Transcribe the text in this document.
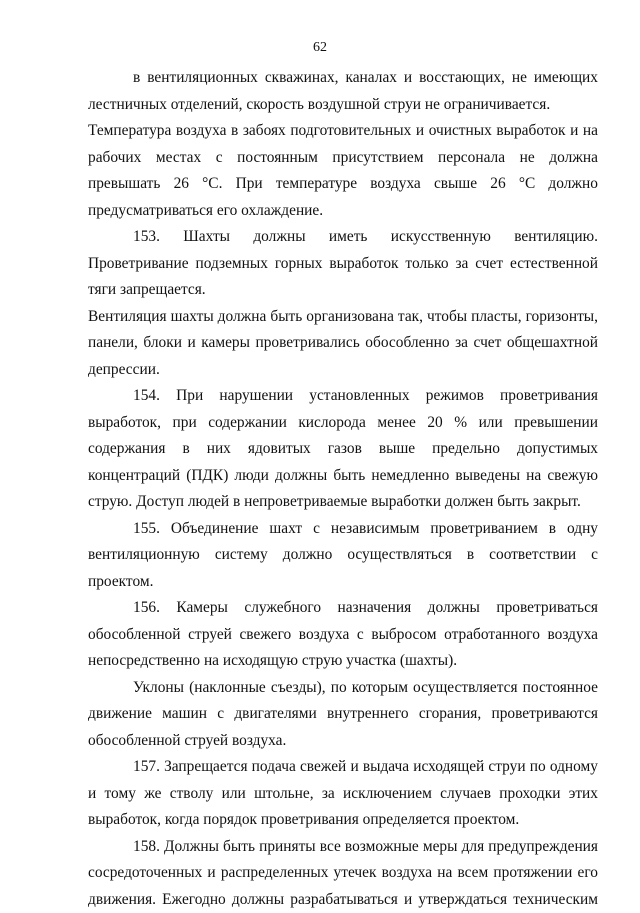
62

в вентиляционных скважинах, каналах и восстающих, не имеющих лестничных отделений, скорость воздушной струи не ограничивается.

Температура воздуха в забоях подготовительных и очистных выработок и на рабочих местах с постоянным присутствием персонала не должна превышать 26 °С. При температуре воздуха свыше 26 °С должно предусматриваться его охлаждение.

153. Шахты должны иметь искусственную вентиляцию. Проветривание подземных горных выработок только за счет естественной тяги запрещается.

Вентиляция шахты должна быть организована так, чтобы пласты, горизонты, панели, блоки и камеры проветривались обособленно за счет общешахтной депрессии.

154. При нарушении установленных режимов проветривания выработок, при содержании кислорода менее 20 % или превышении содержания в них ядовитых газов выше предельно допустимых концентраций (ПДК) люди должны быть немедленно выведены на свежую струю. Доступ людей в непроветриваемые выработки должен быть закрыт.

155. Объединение шахт с независимым проветриванием в одну вентиляционную систему должно осуществляться в соответствии с проектом.

156. Камеры служебного назначения должны проветриваться обособленной струей свежего воздуха с выбросом отработанного воздуха непосредственно на исходящую струю участка (шахты).

Уклоны (наклонные съезды), по которым осуществляется постоянное движение машин с двигателями внутреннего сгорания, проветриваются обособленной струей воздуха.

157. Запрещается подача свежей и выдача исходящей струи по одному и тому же стволу или штольне, за исключением случаев проходки этих выработок, когда порядок проветривания определяется проектом.

158. Должны быть приняты все возможные меры для предупреждения сосредоточенных и распределенных утечек воздуха на всем протяжении его движения. Ежегодно должны разрабатываться и утверждаться техническим
